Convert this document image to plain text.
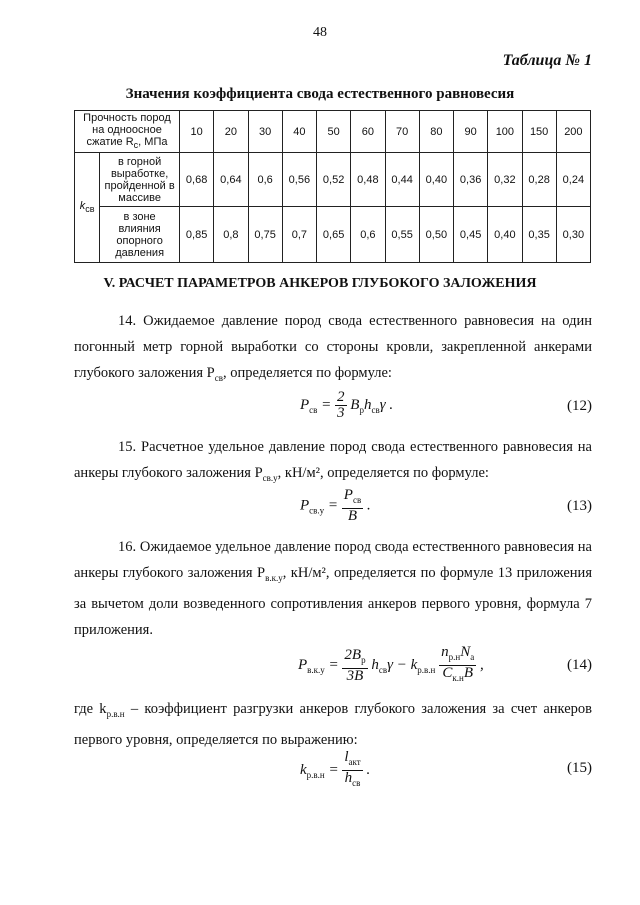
48
Таблица № 1
Значения коэффициента свода естественного равновесия
Прочность пород на одноосное сжатие $R_с$, МПа		10	20	30	40	50	60	70	80	90	100	150	200
$k_{св}$	в горной выработке, пройденной в массиве	0,68	0,64	0,6	0,56	0,52	0,48	0,44	0,40	0,36	0,32	0,28	0,24
	в зоне влияния опорного давления	0,85	0,8	0,75	0,7	0,65	0,6	0,55	0,50	0,45	0,40	0,35	0,30
V. РАСЧЕТ ПАРАМЕТРОВ АНКЕРОВ ГЛУБОКОГО ЗАЛОЖЕНИЯ
14. Ожидаемое давление пород свода естественного равновесия на один погонный метр горной выработки со стороны кровли, закрепленной анкерами глубокого заложения $P_{св}$, определяется по формуле:
$P_{св} = \frac{2}{3} B_рh_{св}\gamma$ .	(12)
15. Расчетное удельное давление пород свода естественного равновесия на анкеры глубокого заложения $P_{св.у}$, кН/м², определяется по формуле:
$P_{св.у} = \frac{P_{св}}{B}$ .	(13)
16. Ожидаемое удельное давление пород свода естественного равновесия на анкеры глубокого заложения $P_{в.к.у}$, кН/м², определяется по формуле 13 приложения за вычетом доли возведенного сопротивления анкеров первого уровня, формула 7 приложения.
$P_{в.к.у} = \frac{2B_р}{3B} h_{св}\gamma - k_{р.в.н} \frac{n_{р.н}N_а}{C_{к.н}B}$ ,	(14)
где $k_{р.в.н}$ – коэффициент разгрузки анкеров глубокого заложения за счет анкеров первого уровня, определяется по выражению:
$k_{р.в.н} = \frac{l_{акт}}{h_{св}}$ .	(15)
